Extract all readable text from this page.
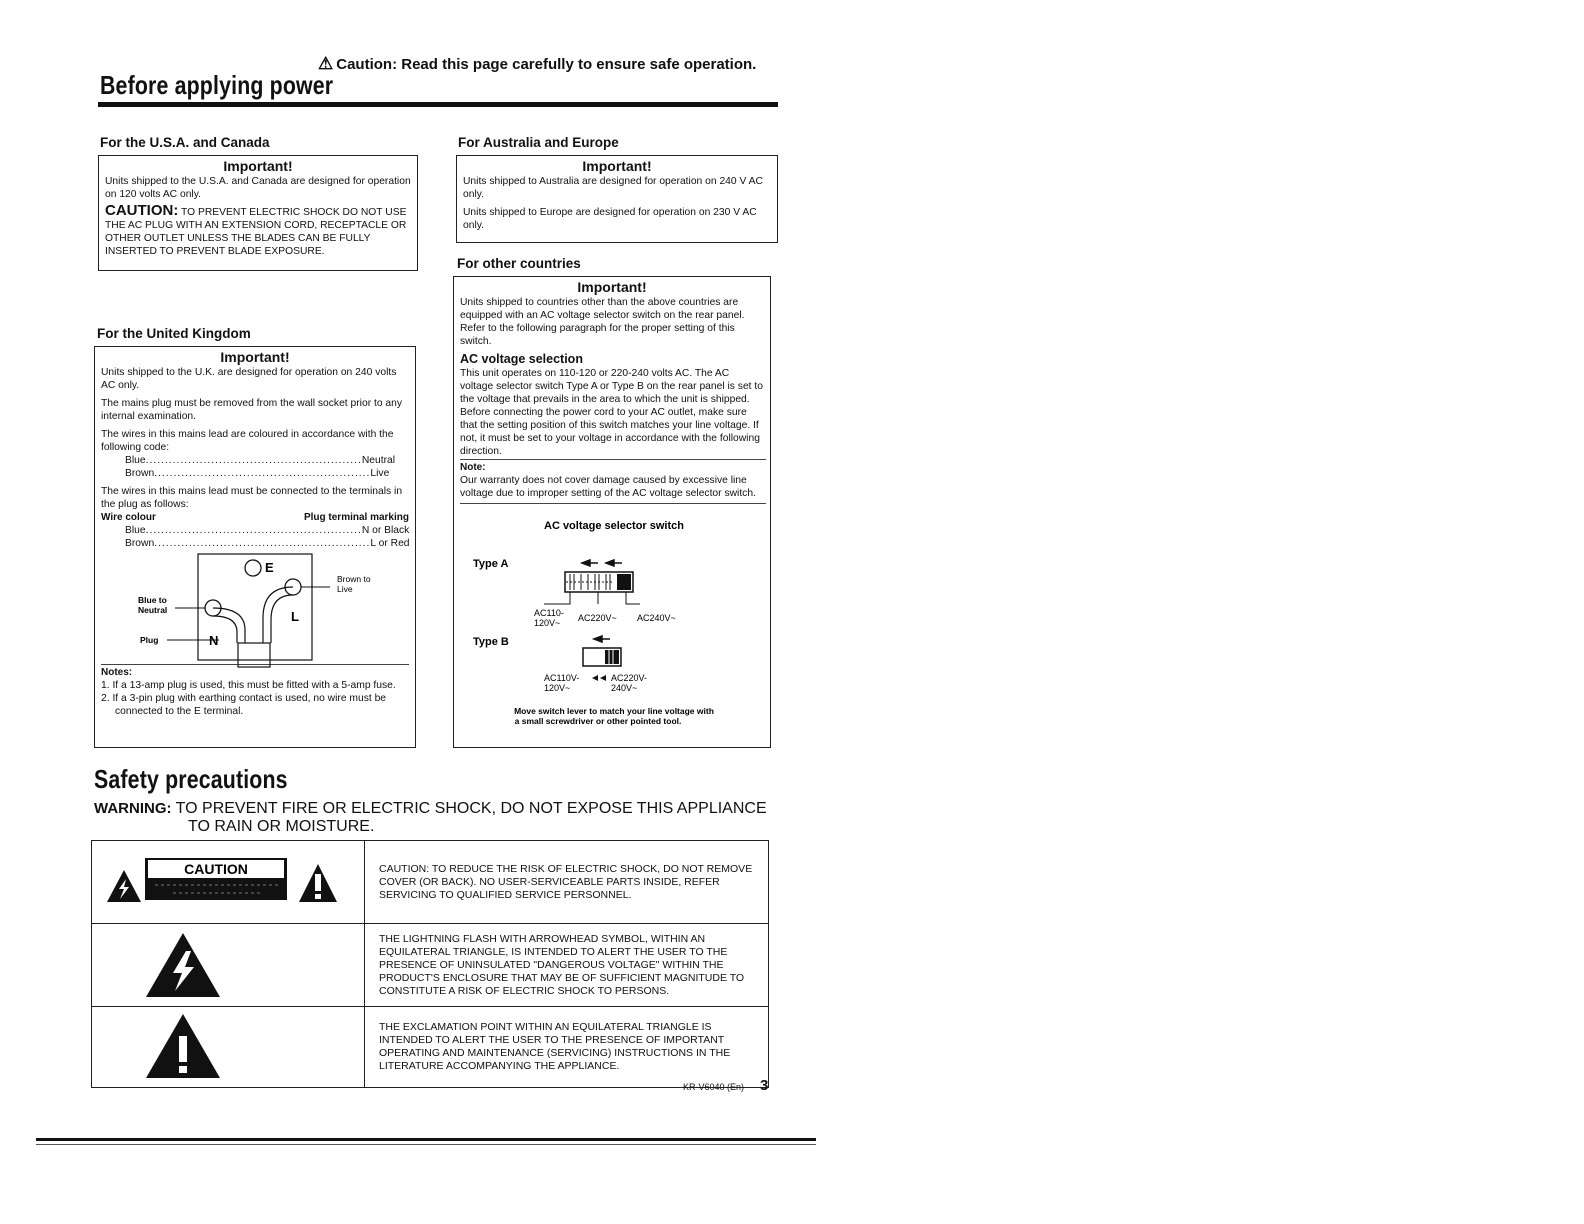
⚠ Caution: Read this page carefully to ensure safe operation.
Before applying power
For the U.S.A. and Canada
Important!

Units shipped to the U.S.A. and Canada are designed for operation on 120 volts AC only.

CAUTION: TO PREVENT ELECTRIC SHOCK DO NOT USE THE AC PLUG WITH AN EXTENSION CORD, RECEPTACLE OR OTHER OUTLET UNLESS THE BLADES CAN BE FULLY INSERTED TO PREVENT BLADE EXPOSURE.

For the United Kingdom
Important!

Units shipped to the U.K. are designed for operation on 240 volts AC only.

The mains plug must be removed from the wall socket prior to any internal examination.

The wires in this mains lead are coloured in accordance with the following code:

Blue ........................................................ Neutral
Brown ........................................................ Live

The wires in this mains lead must be connected to the terminals in the plug as follows:

Wire colour	Plug terminal marking
Blue ........................................................ N or Black
Brown ........................................................ L or Red
E
N
L
Brown to
Live
Blue to
Neutral
Plug
Notes:
1. If a 13-amp plug is used, this must be fitted with a 5-amp fuse.
2. If a 3-pin plug with earthing contact is used, no wire must be connected to the E terminal.
For Australia and Europe
Important!

Units shipped to Australia are designed for operation on 240 V AC only.

Units shipped to Europe are designed for operation on 230 V AC only.

For other countries
Important!

Units shipped to countries other than the above countries are equipped with an AC voltage selector switch on the rear panel. Refer to the following paragraph for the proper setting of this switch.

AC voltage selection

This unit operates on 110-120 or 220-240 volts AC. The AC voltage selector switch Type A or Type B on the rear panel is set to the voltage that prevails in the area to which the unit is shipped. Before connecting the power cord to your AC outlet, make sure that the setting position of this switch matches your line voltage. If not, it must be set to your voltage in accordance with the following direction.

Note:
Our warranty does not cover damage caused by excessive line voltage due to improper setting of the AC voltage selector switch.
AC voltage selector switch
Type A
Type B
AC110-
120V~ AC220V~ AC240V~
AC110V-
120V~
AC220V-
240V~
Move switch lever to match your line voltage with
a small screwdriver or other pointed tool.
Safety precautions
WARNING: TO PREVENT FIRE OR ELECTRIC SHOCK, DO NOT EXPOSE THIS APPLIANCE
TO RAIN OR MOISTURE.
CAUTION	CAUTION: TO REDUCE THE RISK OF ELECTRIC SHOCK, DO NOT REMOVE COVER (OR BACK). NO USER-SERVICEABLE PARTS INSIDE, REFER SERVICING TO QUALIFIED SERVICE PERSONNEL.

THE LIGHTNING FLASH WITH ARROWHEAD SYMBOL, WITHIN AN EQUILATERAL TRIANGLE, IS INTENDED TO ALERT THE USER TO THE PRESENCE OF UNINSULATED "DANGEROUS VOLTAGE" WITHIN THE PRODUCT'S ENCLOSURE THAT MAY BE OF SUFFICIENT MAGNITUDE TO CONSTITUTE A RISK OF ELECTRIC SHOCK TO PERSONS.

THE EXCLAMATION POINT WITHIN AN EQUILATERAL TRIANGLE IS INTENDED TO ALERT THE USER TO THE PRESENCE OF IMPORTANT OPERATING AND MAINTENANCE (SERVICING) INSTRUCTIONS IN THE LITERATURE ACCOMPANYING THE APPLIANCE.
KR-V6040 (En) 3
